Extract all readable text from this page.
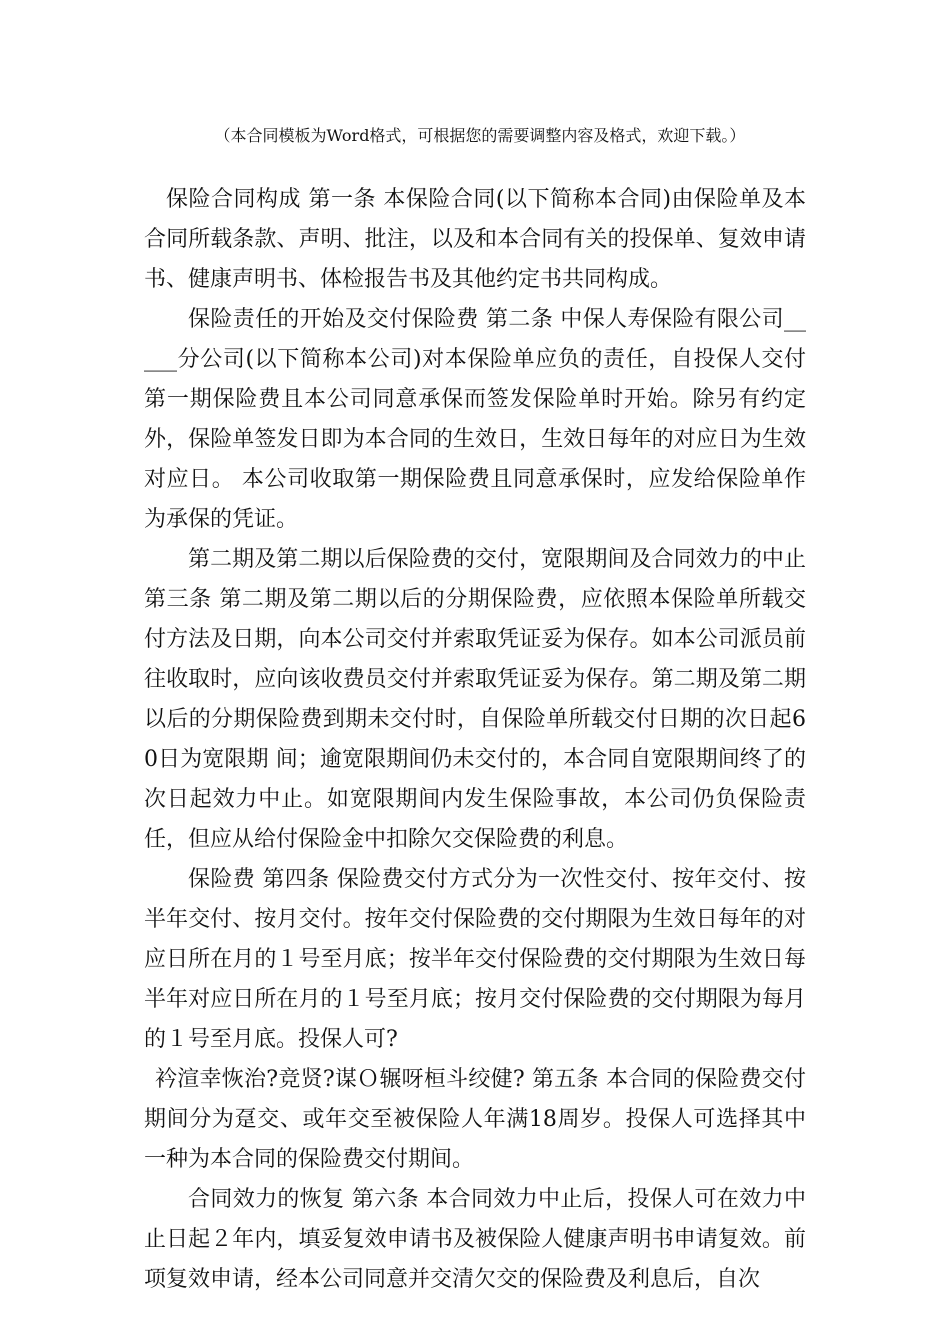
（本合同模板为Word格式，可根据您的需要调整内容及格式，欢迎下载。）

保险合同构成 第一条 本保险合同(以下简称本合同)由保险单及本合同所载条款、声明、批注，以及和本合同有关的投保单、复效申请书、健康声明书、体检报告书及其他约定书共同构成。

保险责任的开始及交付保险费 第二条 中保人寿保险有限公司_____分公司(以下简称本公司)对本保险单应负的责任，自投保人交付第一期保险费且本公司同意承保而签发保险单时开始。除另有约定外，保险单签发日即为本合同的生效日，生效日每年的对应日为生效对应日。 本公司收取第一期保险费且同意承保时，应发给保险单作为承保的凭证。

第二期及第二期以后保险费的交付，宽限期间及合同效力的中止 第三条 第二期及第二期以后的分期保险费，应依照本保险单所载交付方法及日期，向本公司交付并索取凭证妥为保存。如本公司派员前往收取时，应向该收费员交付并索取凭证妥为保存。第二期及第二期以后的分期保险费到期未交付时，自保险单所载交付日期的次日起60日为宽限期 间；逾宽限期间仍未交付的，本合同自宽限期间终了的次日起效力中止。如宽限期间内发生保险事故，本公司仍负保险责任，但应从给付保险金中扣除欠交保险费的利息。

保险费 第四条 保险费交付方式分为一次性交付、按年交付、按半年交付、按月交付。按年交付保险费的交付期限为生效日每年的对应日所在月的１号至月底；按半年交付保险费的交付期限为生效日每半年对应日所在月的１号至月底；按月交付保险费的交付期限为每月的１号至月底。投保人可?

衿渲幸恢治?竞贤?谋Ｏ辗呀桓斗绞健? 第五条 本合同的保险费交付期间分为趸交、或年交至被保险人年满18周岁。投保人可选择其中一种为本合同的保险费交付期间。

合同效力的恢复 第六条 本合同效力中止后，投保人可在效力中止日起２年内，填妥复效申请书及被保险人健康声明书申请复效。前项复效申请，经本公司同意并交清欠交的保险费及利息后，自次
